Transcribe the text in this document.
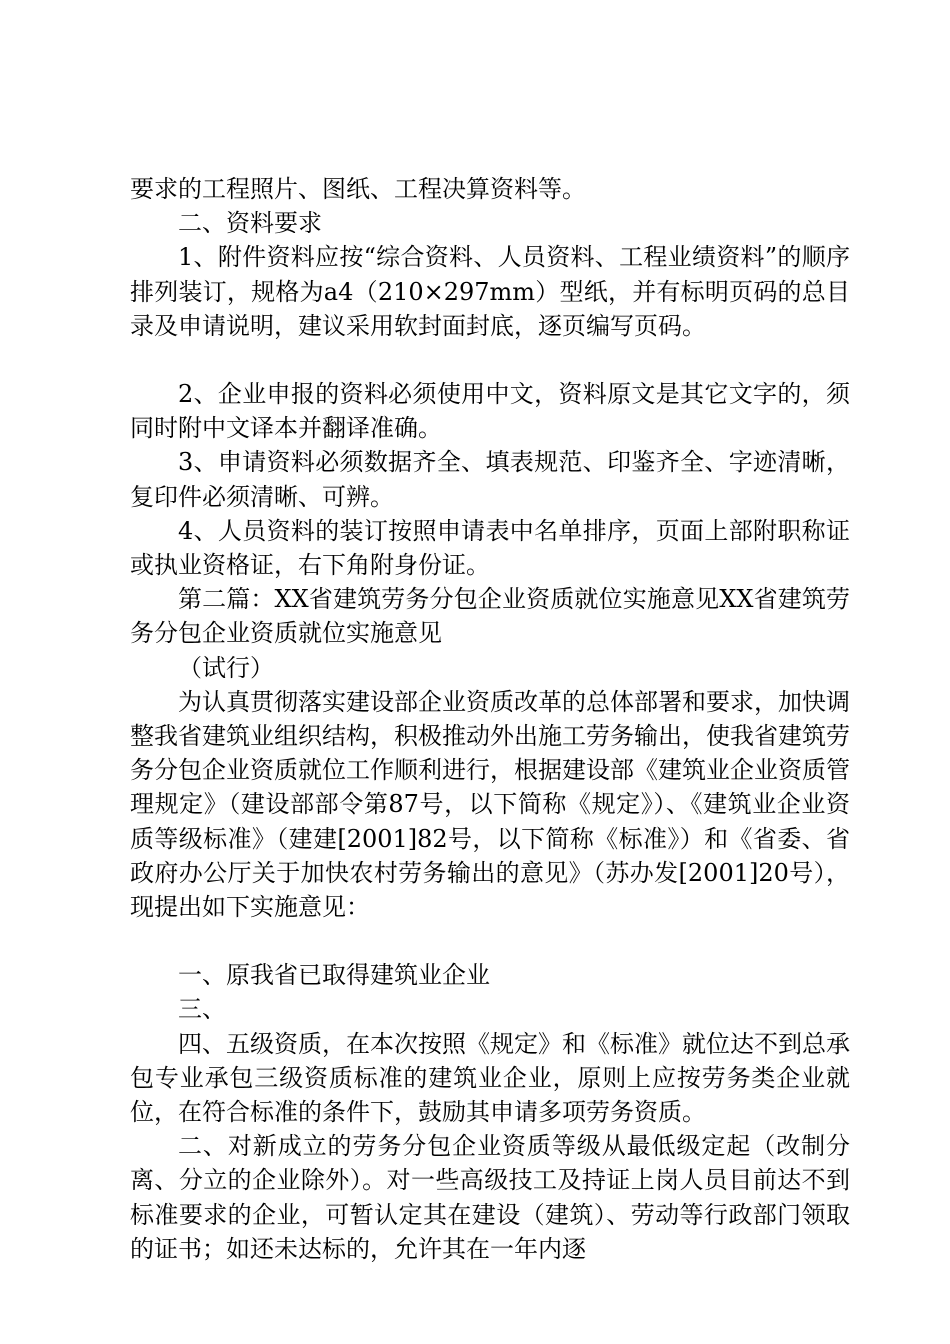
要求的工程照片、图纸、工程决算资料等。

二、资料要求

1、附件资料应按“综合资料、人员资料、工程业绩资料”的顺序排列装订，规格为a4（210×297mm）型纸，并有标明页码的总目录及申请说明，建议采用软封面封底，逐页编写页码。

2、企业申报的资料必须使用中文，资料原文是其它文字的，须同时附中文译本并翻译准确。

3、申请资料必须数据齐全、填表规范、印鉴齐全、字迹清晰，复印件必须清晰、可辨。

4、人员资料的装订按照申请表中名单排序，页面上部附职称证或执业资格证，右下角附身份证。

第二篇：XX省建筑劳务分包企业资质就位实施意见XX省建筑劳务分包企业资质就位实施意见

（试行）

为认真贯彻落实建设部企业资质改革的总体部署和要求，加快调整我省建筑业组织结构，积极推动外出施工劳务输出，使我省建筑劳务分包企业资质就位工作顺利进行，根据建设部《建筑业企业资质管理规定》（建设部部令第87号，以下简称《规定》）、《建筑业企业资质等级标准》（建建[2001]82号，以下简称《标准》）和《省委、省政府办公厅关于加快农村劳务输出的意见》（苏办发[2001]20号），现提出如下实施意见：

一、原我省已取得建筑业企业

三、

四、五级资质，在本次按照《规定》和《标准》就位达不到总承包专业承包三级资质标准的建筑业企业，原则上应按劳务类企业就位，在符合标准的条件下，鼓励其申请多项劳务资质。

二、对新成立的劳务分包企业资质等级从最低级定起（改制分离、分立的企业除外）。对一些高级技工及持证上岗人员目前达不到标准要求的企业，可暂认定其在建设（建筑）、劳动等行政部门领取的证书；如还未达标的，允许其在一年内逐
